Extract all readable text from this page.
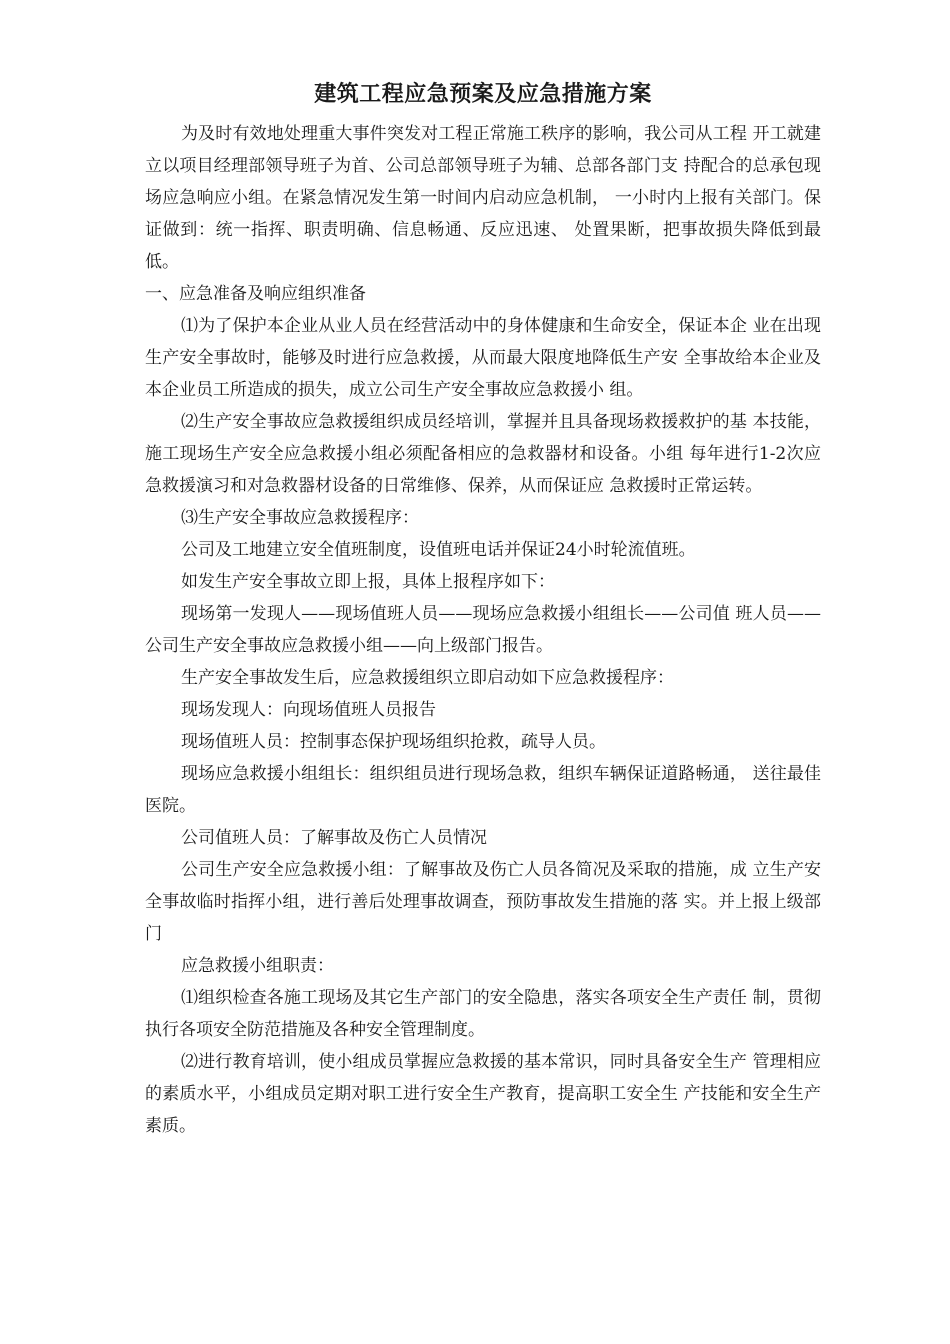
建筑工程应急预案及应急措施方案

为及时有效地处理重大事件突发对工程正常施工秩序的影响，我公司从工程 开工就建立以项目经理部领导班子为首、公司总部领导班子为辅、总部各部门支 持配合的总承包现场应急响应小组。在紧急情况发生第一时间内启动应急机制， 一小时内上报有关部门。保证做到：统一指挥、职责明确、信息畅通、反应迅速、 处置果断，把事故损失降低到最低。

一、应急准备及响应组织准备

⑴为了保护本企业从业人员在经营活动中的身体健康和生命安全，保证本企 业在出现生产安全事故时，能够及时进行应急救援，从而最大限度地降低生产安 全事故给本企业及本企业员工所造成的损失，成立公司生产安全事故应急救援小 组。

⑵生产安全事故应急救援组织成员经培训，掌握并且具备现场救援救护的基 本技能，施工现场生产安全应急救援小组必须配备相应的急救器材和设备。小组 每年进行1-2次应急救援演习和对急救器材设备的日常维修、保养，从而保证应 急救援时正常运转。

⑶生产安全事故应急救援程序：

公司及工地建立安全值班制度，设值班电话并保证24小时轮流值班。

如发生产安全事故立即上报，具体上报程序如下：

现场第一发现人——现场值班人员——现场应急救援小组组长——公司值 班人员——公司生产安全事故应急救援小组——向上级部门报告。

生产安全事故发生后，应急救援组织立即启动如下应急救援程序：

现场发现人：向现场值班人员报告

现场值班人员：控制事态保护现场组织抢救，疏导人员。

现场应急救援小组组长：组织组员进行现场急救，组织车辆保证道路畅通， 送往最佳医院。

公司值班人员：了解事故及伤亡人员情况

公司生产安全应急救援小组：了解事故及伤亡人员各简况及采取的措施，成 立生产安全事故临时指挥小组，进行善后处理事故调查，预防事故发生措施的落 实。并上报上级部门

应急救援小组职责：

⑴组织检查各施工现场及其它生产部门的安全隐患，落实各项安全生产责任 制，贯彻执行各项安全防范措施及各种安全管理制度。

⑵进行教育培训，使小组成员掌握应急救援的基本常识，同时具备安全生产 管理相应的素质水平，小组成员定期对职工进行安全生产教育，提高职工安全生 产技能和安全生产素质。
